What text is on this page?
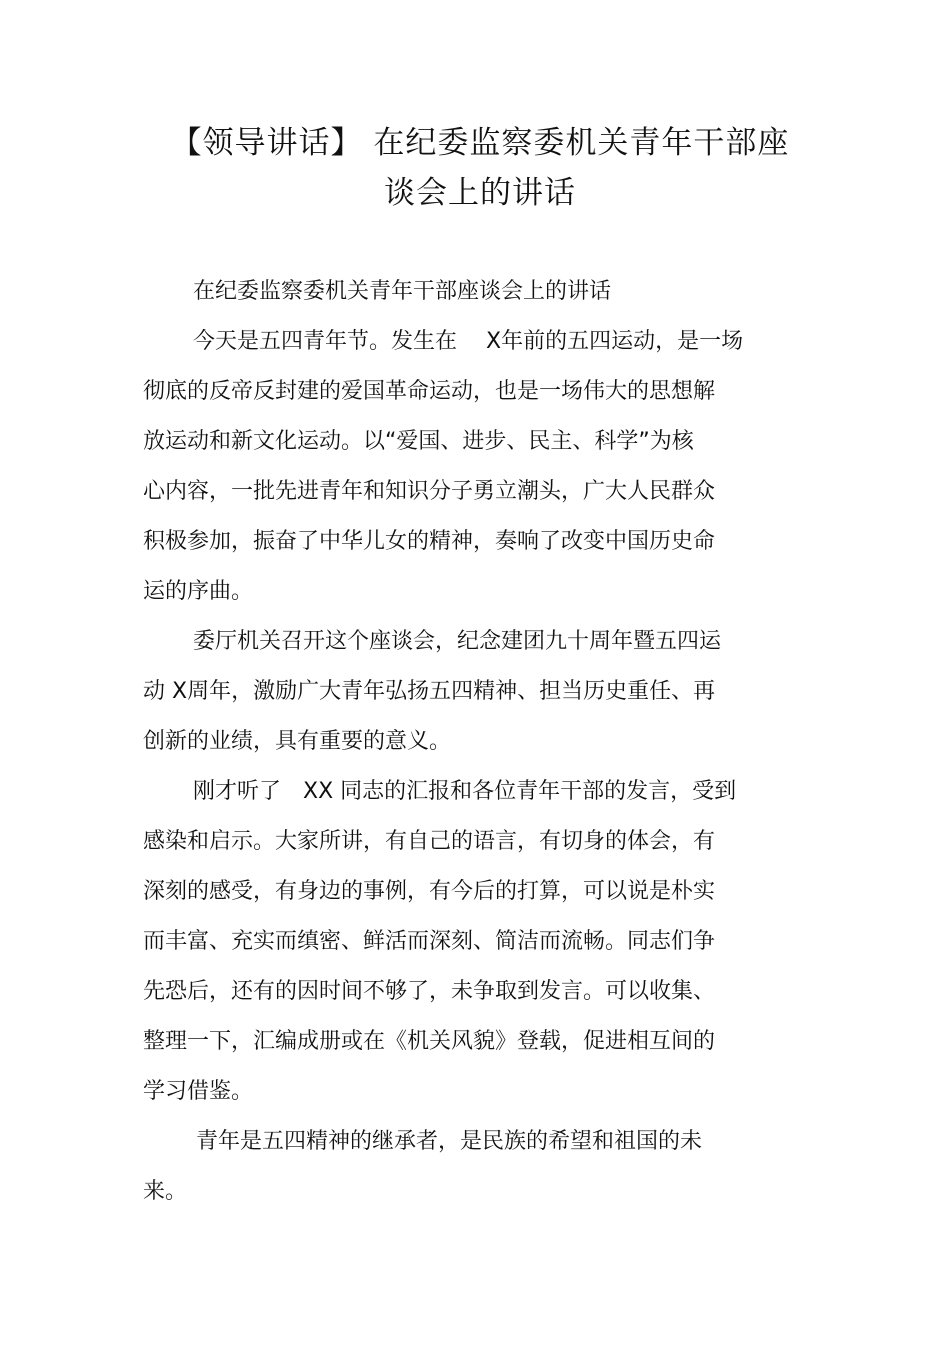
【领导讲话】 在纪委监察委机关青年干部座
谈会上的讲话

在纪委监察委机关青年干部座谈会上的讲话

今天是五四青年节。发生在　 X年前的五四运动，是一场

彻底的反帝反封建的爱国革命运动，也是一场伟大的思想解

放运动和新文化运动。以“爱国、进步、民主、科学”为核

心内容，一批先进青年和知识分子勇立潮头，广大人民群众

积极参加，振奋了中华儿女的精神，奏响了改变中国历史命

运的序曲。

委厅机关召开这个座谈会，纪念建团九十周年暨五四运

动 X周年，激励广大青年弘扬五四精神、担当历史重任、再

创新的业绩，具有重要的意义。

刚才听了　XX 同志的汇报和各位青年干部的发言，受到

感染和启示。大家所讲，有自己的语言，有切身的体会，有

深刻的感受，有身边的事例，有今后的打算，可以说是朴实

而丰富、充实而缜密、鲜活而深刻、简洁而流畅。同志们争

先恐后，还有的因时间不够了，未争取到发言。可以收集、

整理一下，汇编成册或在《机关风貌》登载，促进相互间的

学习借鉴。

青年是五四精神的继承者，是民族的希望和祖国的未

来。
